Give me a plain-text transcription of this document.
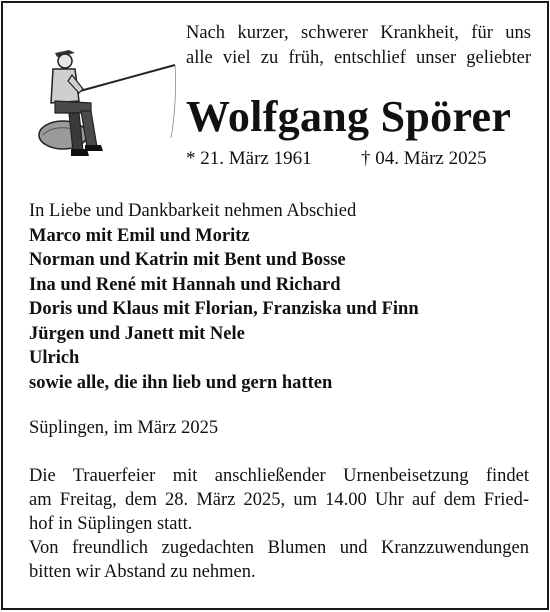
Nach kurzer, schwerer Krankheit, für uns
alle viel zu früh, entschlief unser geliebter
Wolfgang Spörer
* 21. März 1961	† 04. März 2025
In Liebe und Dankbarkeit nehmen Abschied
Marco mit Emil und Moritz
Norman und Katrin mit Bent und Bosse
Ina und René mit Hannah und Richard
Doris und Klaus mit Florian, Franziska und Finn
Jürgen und Janett mit Nele
Ulrich
sowie alle, die ihn lieb und gern hatten
Süplingen, im März 2025
Die Trauerfeier mit anschließender Urnenbeisetzung findet
am Freitag, dem 28. März 2025, um 14.00 Uhr auf dem Fried-
hof in Süplingen statt.
Von freundlich zugedachten Blumen und Kranzzuwendungen
bitten wir Abstand zu nehmen.
